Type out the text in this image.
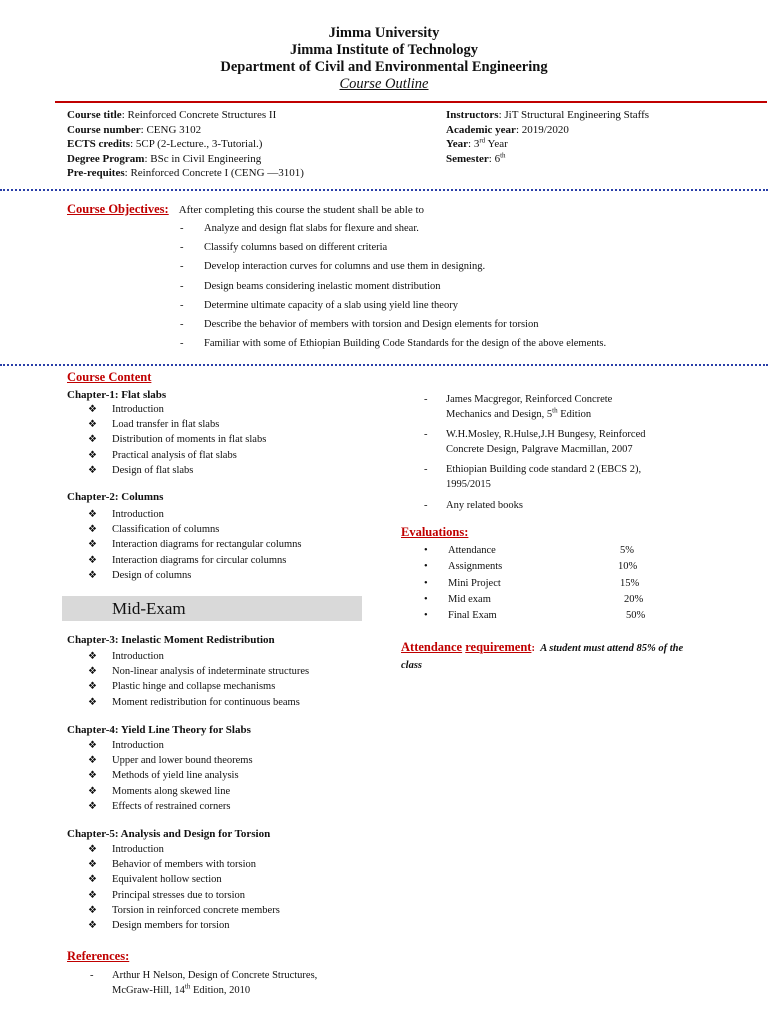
Jimma University
Jimma Institute of Technology
Department of Civil and Environmental Engineering
Course Outline
Course title: Reinforced Concrete Structures II
Course number: CENG 3102
ECTS credits: 5CP (2-Lecture., 3-Tutorial.)
Degree Program: BSc in Civil Engineering
Pre-requites: Reinforced Concrete I (CENG —3101)
Instructors: JiT Structural Engineering Staffs
Academic year: 2019/2020
Year: 3rd Year
Semester: 6th
Course Objectives: After completing this course the student shall be able to
- Analyze and design flat slabs for flexure and shear.
- Classify columns based on different criteria
- Develop interaction curves for columns and use them in designing.
- Design beams considering inelastic moment distribution
- Determine ultimate capacity of a slab using yield line theory
- Describe the behavior of members with torsion and Design elements for torsion
- Familiar with some of Ethiopian Building Code Standards for the design of the above elements.
Course Content
Chapter-1: Flat slabs
❖ Introduction
❖ Load transfer in flat slabs
❖ Distribution of moments in flat slabs
❖ Practical analysis of flat slabs
❖ Design of flat slabs
Chapter-2: Columns
❖ Introduction
❖ Classification of columns
❖ Interaction diagrams for rectangular columns
❖ Interaction diagrams for circular columns
❖ Design of columns
Mid-Exam
Chapter-3: Inelastic Moment Redistribution
❖ Introduction
❖ Non-linear analysis of indeterminate structures
❖ Plastic hinge and collapse mechanisms
❖ Moment redistribution for continuous beams
Chapter-4: Yield Line Theory for Slabs
❖ Introduction
❖ Upper and lower bound theorems
❖ Methods of yield line analysis
❖ Moments along skewed line
❖ Effects of restrained corners
Chapter-5: Analysis and Design for Torsion
❖ Introduction
❖ Behavior of members with torsion
❖ Equivalent hollow section
❖ Principal stresses due to torsion
❖ Torsion in reinforced concrete members
❖ Design members for torsion
References:
- Arthur H Nelson, Design of Concrete Structures,
McGraw-Hill, 14th Edition, 2010
- James Macgregor, Reinforced Concrete
Mechanics and Design, 5th Edition
- W.H.Mosley, R.Hulse,J.H Bungesy, Reinforced
Concrete Design, Palgrave Macmillan, 2007
- Ethiopian Building code standard 2 (EBCS 2),
1995/2015
- Any related books
Evaluations:
• Attendance	5%
• Assignments	10%
• Mini Project	15%
• Mid exam	20%
• Final Exam	50%
Attendance requirement: A student must attend 85% of the class
